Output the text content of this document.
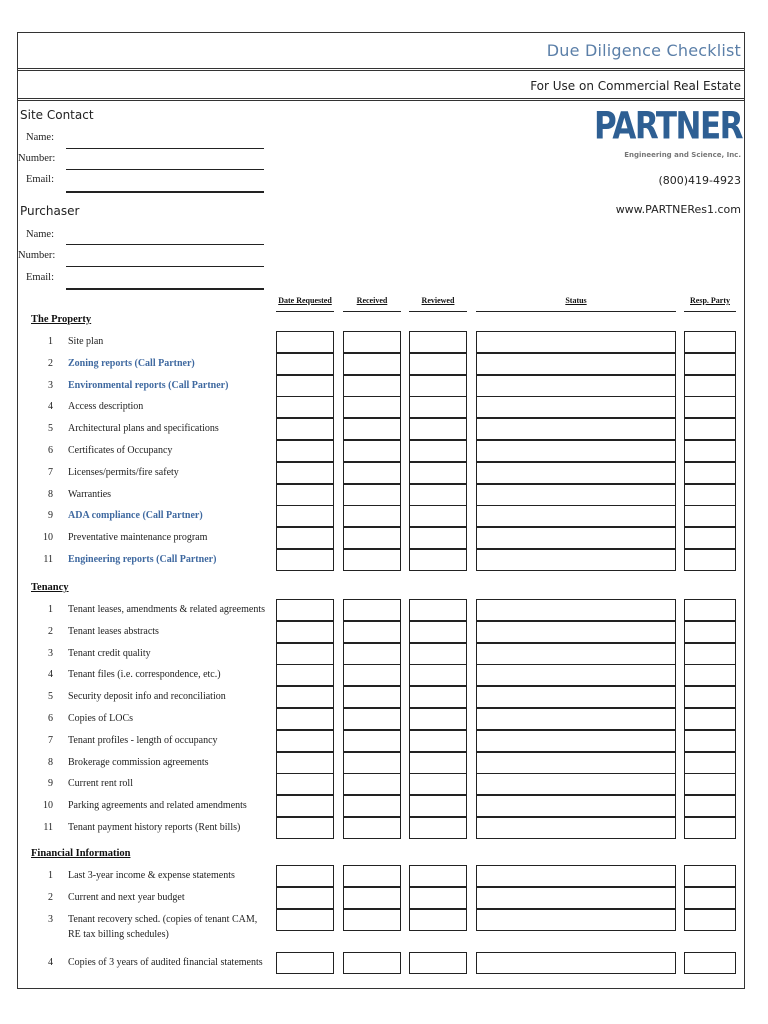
Due Diligence Checklist
For Use on Commercial Real Estate
Site Contact
Name:
Number:
Email:
Purchaser
Name:
Number:
Email:
PARTNER
Engineering and Science, Inc.
(800)419-4923
www.PARTNERes1.com
Date Requested	Received	Reviewed	Status	Resp. Party
The Property
1 Site plan
2 Zoning reports (Call Partner)
3 Environmental reports (Call Partner)
4 Access description
5 Architectural plans and specifications
6 Certificates of Occupancy
7 Licenses/permits/fire safety
8 Warranties
9 ADA compliance (Call Partner)
10 Preventative maintenance program
11 Engineering reports (Call Partner)
Tenancy
1 Tenant leases, amendments & related agreements
2 Tenant leases abstracts
3 Tenant credit quality
4 Tenant files (i.e. correspondence, etc.)
5 Security deposit info and reconciliation
6 Copies of LOCs
7 Tenant profiles - length of occupancy
8 Brokerage commission agreements
9 Current rent roll
10 Parking agreements and related amendments
11 Tenant payment history reports (Rent bills)
Financial Information
1 Last 3-year income & expense statements
2 Current and next year budget
3 Tenant recovery sched. (copies of tenant CAM, RE tax billing schedules)
4 Copies of 3 years of audited financial statements
